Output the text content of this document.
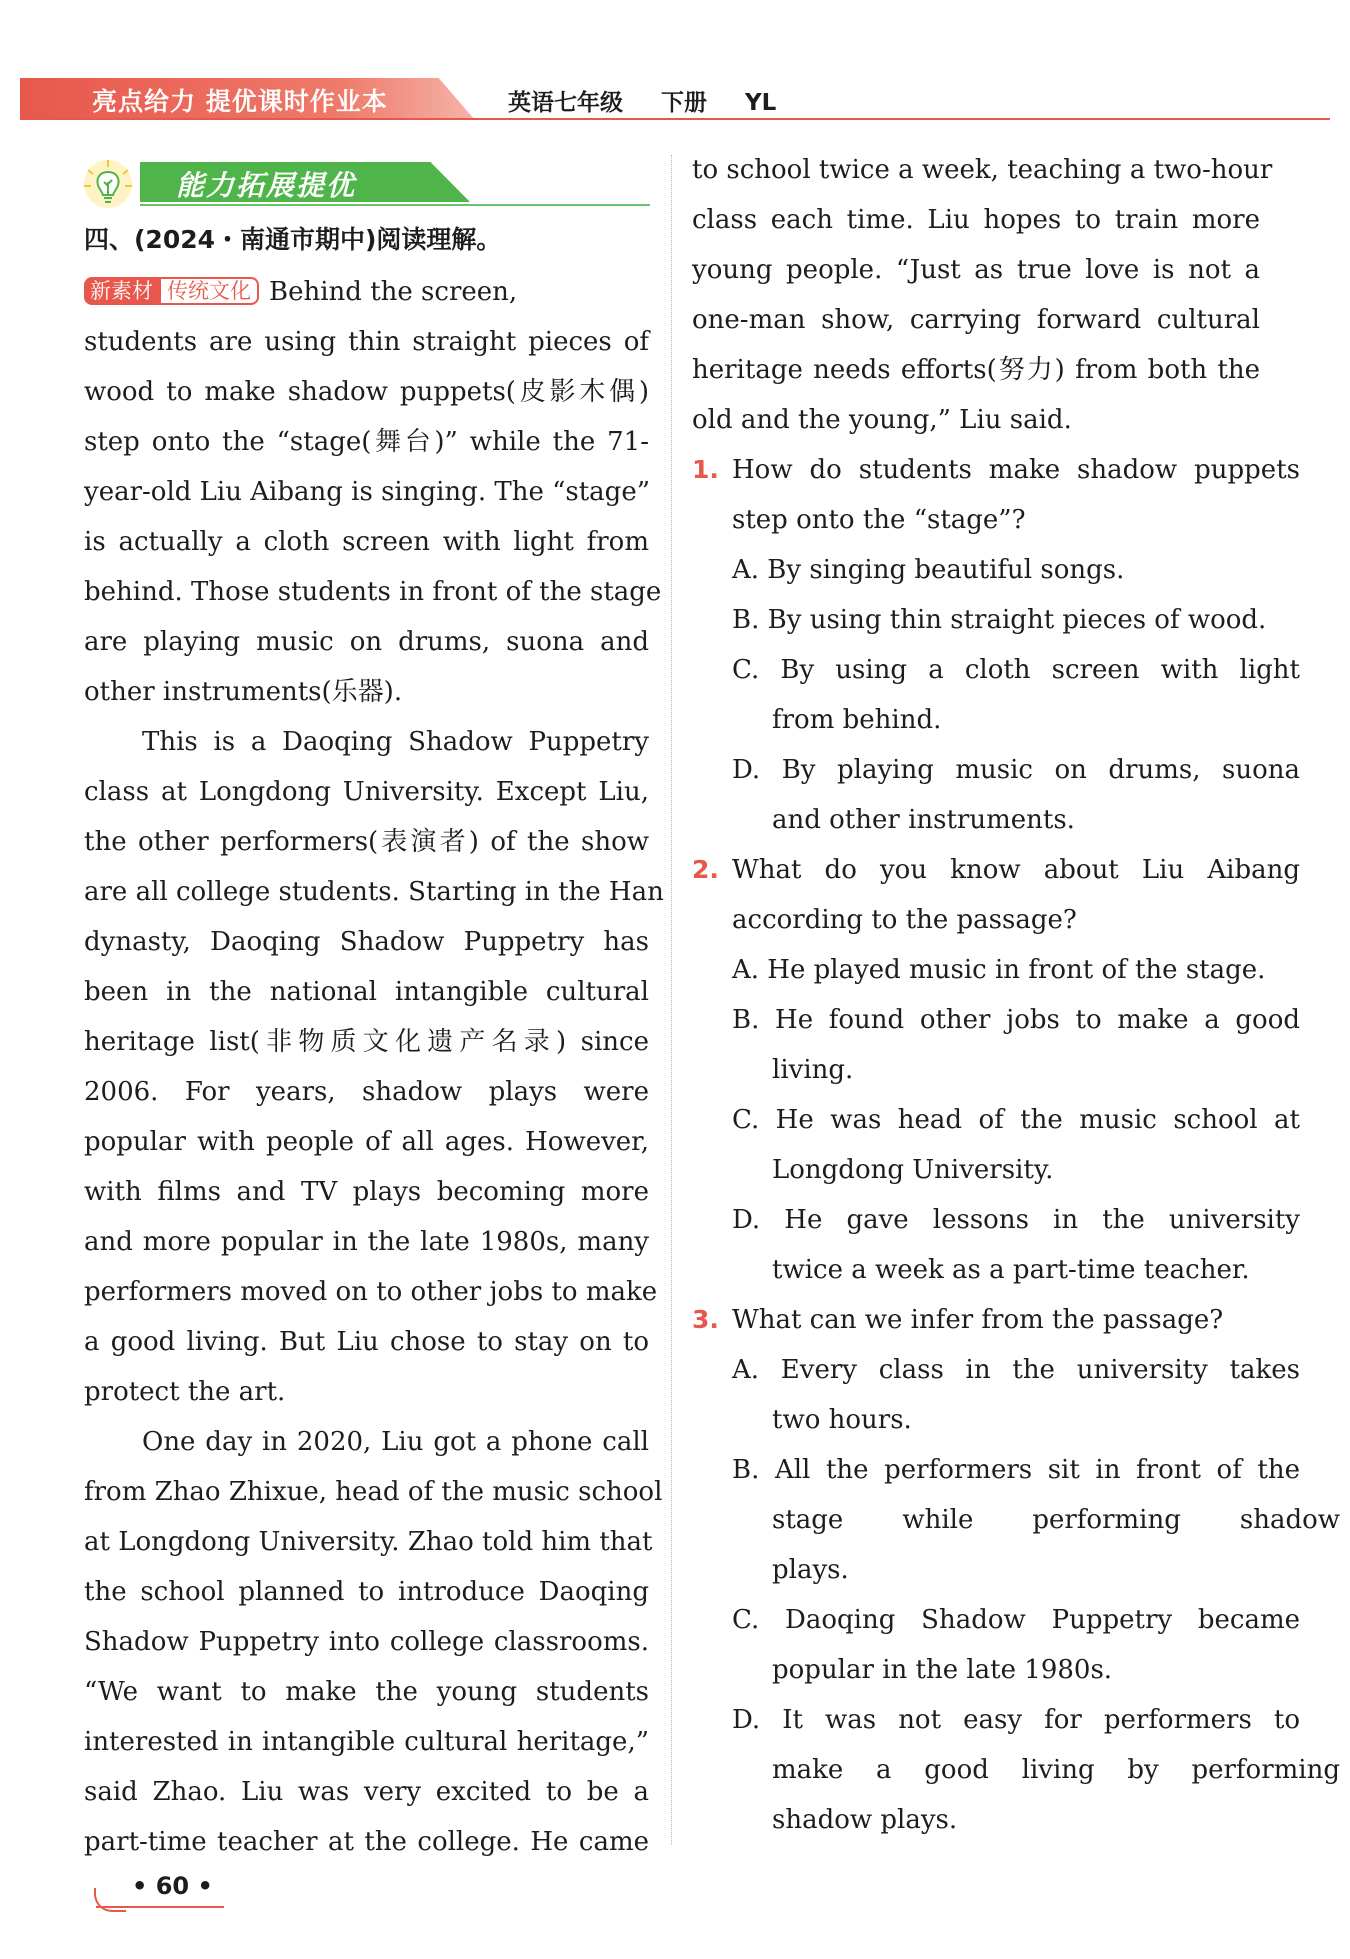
亮点给力 提优课时作业本	英语七年级 下册 YL
能力拓展提优
四、(2024・南通市期中)阅读理解。
新素材 传统文化 Behind the screen,
students are using thin straight pieces of
wood to make shadow puppets(皮影木偶)
step onto the “stage(舞台)” while the 71-
year-old Liu Aibang is singing. The “stage”
is actually a cloth screen with light from
behind. Those students in front of the stage
are playing music on drums, suona and
other instruments(乐器).
This is a Daoqing Shadow Puppetry
class at Longdong University. Except Liu,
the other performers(表演者) of the show
are all college students. Starting in the Han
dynasty, Daoqing Shadow Puppetry has
been in the national intangible cultural
heritage list(非物质文化遗产名录) since
2006. For years, shadow plays were
popular with people of all ages. However,
with films and TV plays becoming more
and more popular in the late 1980s, many
performers moved on to other jobs to make
a good living. But Liu chose to stay on to
protect the art.
One day in 2020, Liu got a phone call
from Zhao Zhixue, head of the music school
at Longdong University. Zhao told him that
the school planned to introduce Daoqing
Shadow Puppetry into college classrooms.
“We want to make the young students
interested in intangible cultural heritage,”
said Zhao. Liu was very excited to be a
part-time teacher at the college. He came
to school twice a week, teaching a two-hour
class each time. Liu hopes to train more
young people. “Just as true love is not a
one-man show, carrying forward cultural
heritage needs efforts(努力) from both the
old and the young,” Liu said.
1. How do students make shadow puppets
step onto the “stage”?
A. By singing beautiful songs.
B. By using thin straight pieces of wood.
C. By using a cloth screen with light
from behind.
D. By playing music on drums, suona
and other instruments.
2. What do you know about Liu Aibang
according to the passage?
A. He played music in front of the stage.
B. He found other jobs to make a good
living.
C. He was head of the music school at
Longdong University.
D. He gave lessons in the university
twice a week as a part-time teacher.
3. What can we infer from the passage?
A. Every class in the university takes
two hours.
B. All the performers sit in front of the
stage while performing shadow
plays.
C. Daoqing Shadow Puppetry became
popular in the late 1980s.
D. It was not easy for performers to
make a good living by performing
shadow plays.
• 60 •
